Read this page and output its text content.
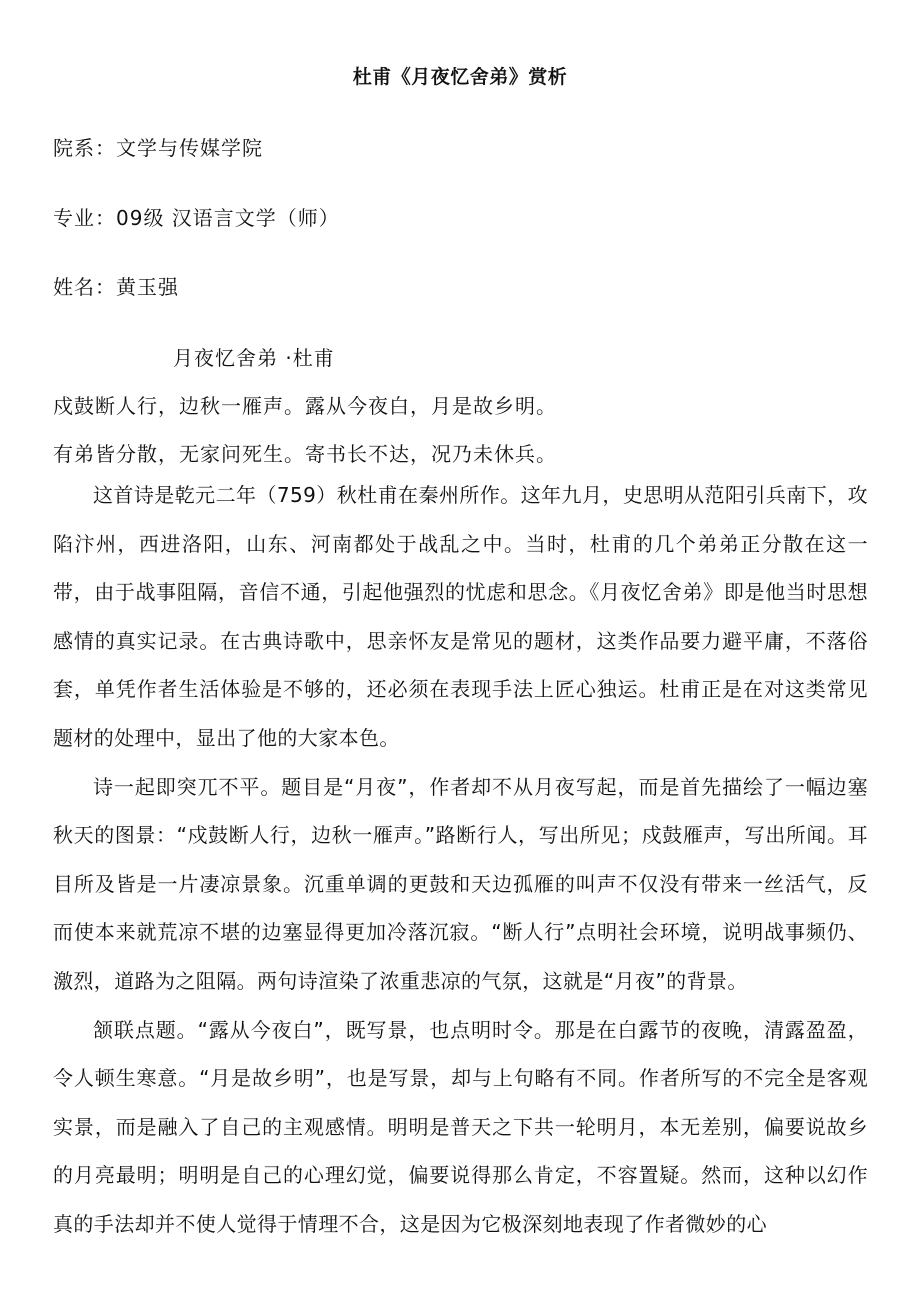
杜甫《月夜忆舍弟》赏析
院系：文学与传媒学院
专业：09级 汉语言文学（师）
姓名：黄玉强
月夜忆舍弟 ·杜甫
戍鼓断人行，边秋一雁声。露从今夜白，月是故乡明。
有弟皆分散，无家问死生。寄书长不达，况乃未休兵。

这首诗是乾元二年（759）秋杜甫在秦州所作。这年九月，史思明从范阳引兵南下，攻陷汴州，西进洛阳，山东、河南都处于战乱之中。当时，杜甫的几个弟弟正分散在这一带，由于战事阻隔，音信不通，引起他强烈的忧虑和思念。《月夜忆舍弟》即是他当时思想感情的真实记录。在古典诗歌中，思亲怀友是常见的题材，这类作品要力避平庸，不落俗套，单凭作者生活体验是不够的，还必须在表现手法上匠心独运。杜甫正是在对这类常见题材的处理中，显出了他的大家本色。

诗一起即突兀不平。题目是“月夜”，作者却不从月夜写起，而是首先描绘了一幅边塞秋天的图景：“戍鼓断人行，边秋一雁声。”路断行人，写出所见；戍鼓雁声，写出所闻。耳目所及皆是一片凄凉景象。沉重单调的更鼓和天边孤雁的叫声不仅没有带来一丝活气，反而使本来就荒凉不堪的边塞显得更加冷落沉寂。“断人行”点明社会环境，说明战事频仍、激烈，道路为之阻隔。两句诗渲染了浓重悲凉的气氛，这就是“月夜”的背景。

颔联点题。“露从今夜白”，既写景，也点明时令。那是在白露节的夜晚，清露盈盈，令人顿生寒意。“月是故乡明”，也是写景，却与上句略有不同。作者所写的不完全是客观实景，而是融入了自己的主观感情。明明是普天之下共一轮明月，本无差别，偏要说故乡的月亮最明；明明是自己的心理幻觉，偏要说得那么肯定，不容置疑。然而，这种以幻作真的手法却并不使人觉得于情理不合，这是因为它极深刻地表现了作者微妙的心
